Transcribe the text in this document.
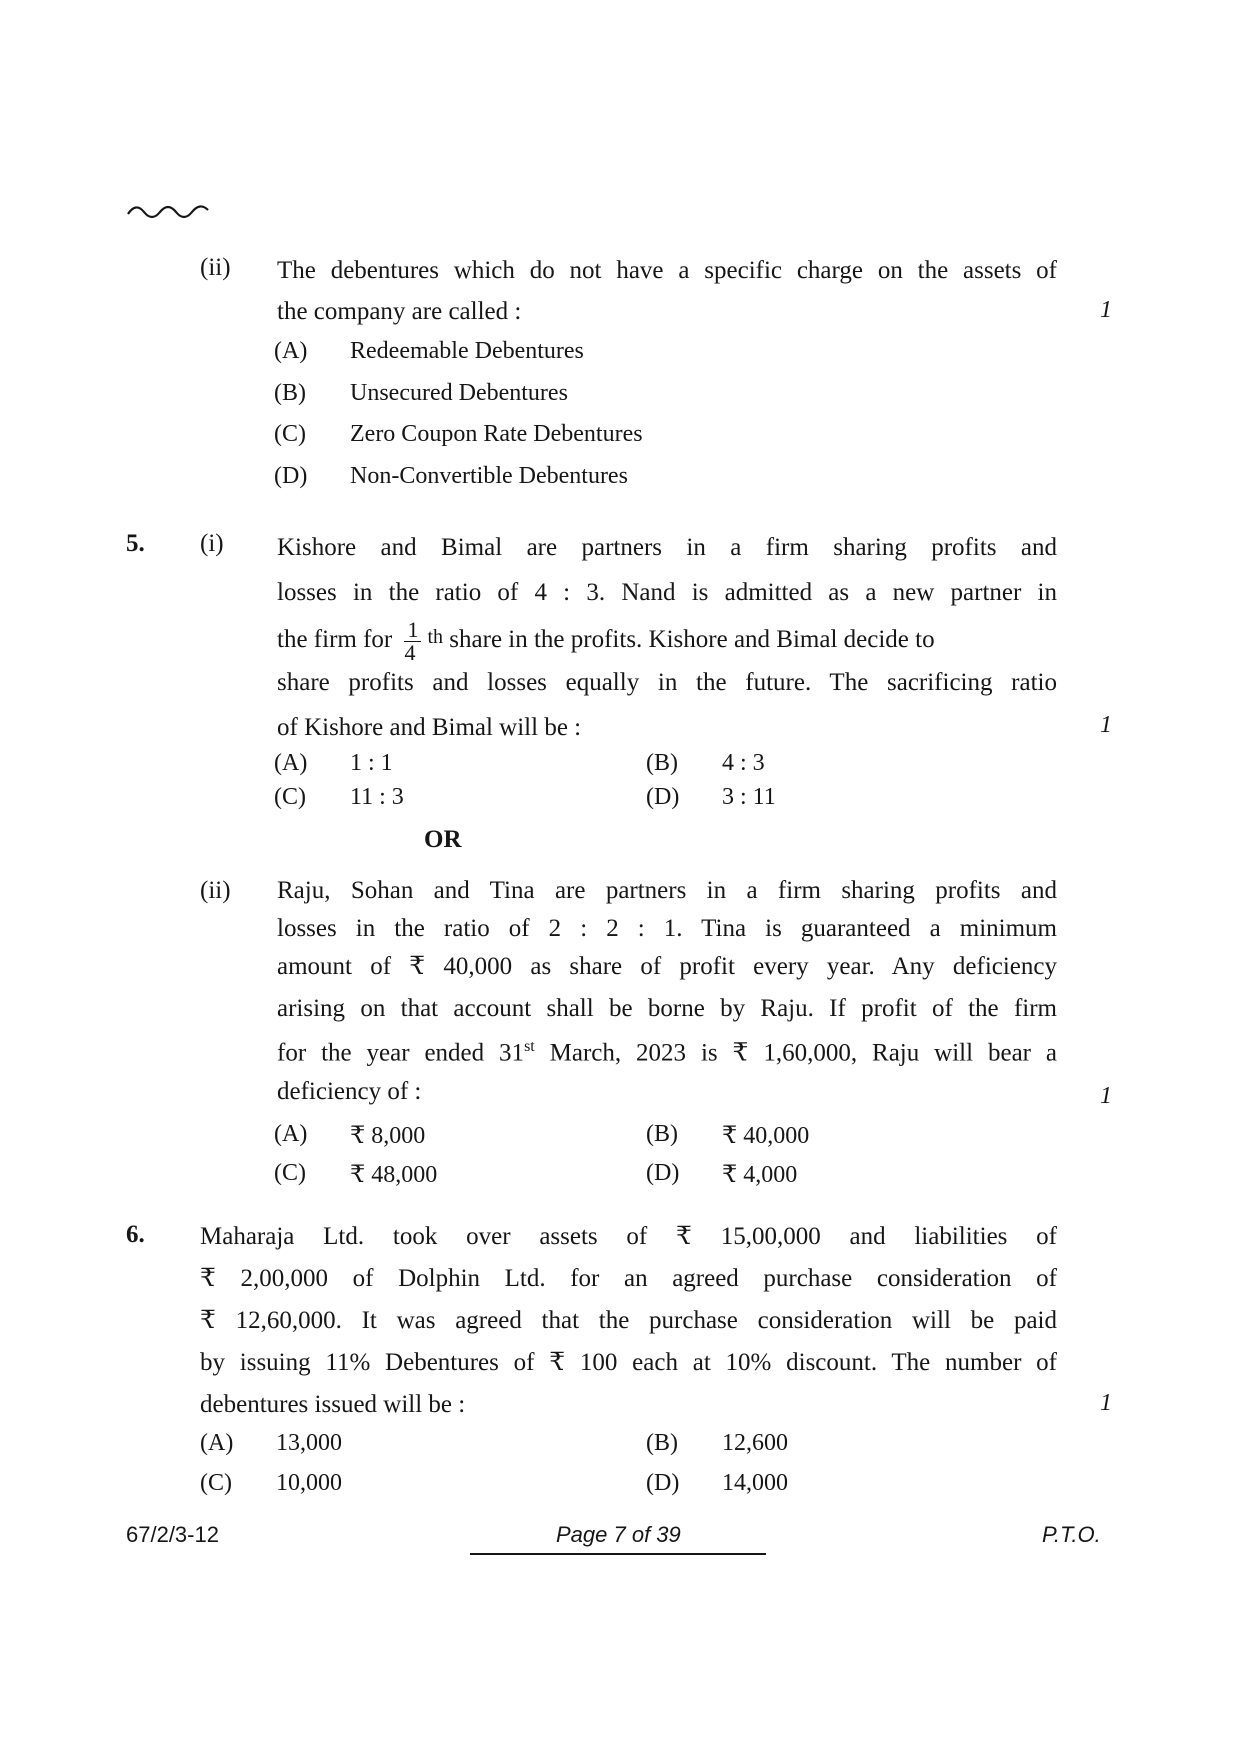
(ii) The debentures which do not have a specific charge on the assets of
the company are called :	1
(A) Redeemable Debentures
(B) Unsecured Debentures
(C) Zero Coupon Rate Debentures
(D) Non-Convertible Debentures
5. (i) Kishore and Bimal are partners in a firm sharing profits and
losses in the ratio of 4 : 3. Nand is admitted as a new partner in
the firm for $\frac{1}{4}$ th share in the profits. Kishore and Bimal decide to
share profits and losses equally in the future. The sacrificing ratio
of Kishore and Bimal will be :	1
(A) 1 : 1	(B) 4 : 3
(C) 11 : 3	(D) 3 : 11
OR
(ii) Raju, Sohan and Tina are partners in a firm sharing profits and
losses in the ratio of 2 : 2 : 1. Tina is guaranteed a minimum
amount of ₹ 40,000 as share of profit every year. Any deficiency
arising on that account shall be borne by Raju. If profit of the firm
for the year ended 31st March, 2023 is ₹ 1,60,000, Raju will bear a
deficiency of :	1
(A) ₹ 8,000	(B) ₹ 40,000
(C) ₹ 48,000	(D) ₹ 4,000
6. Maharaja Ltd. took over assets of ₹ 15,00,000 and liabilities of
₹ 2,00,000 of Dolphin Ltd. for an agreed purchase consideration of
₹ 12,60,000. It was agreed that the purchase consideration will be paid
by issuing 11% Debentures of ₹ 100 each at 10% discount. The number of
debentures issued will be :	1
(A) 13,000	(B) 12,600
(C) 10,000	(D) 14,000
67/2/3-12	Page 7 of 39	P.T.O.
